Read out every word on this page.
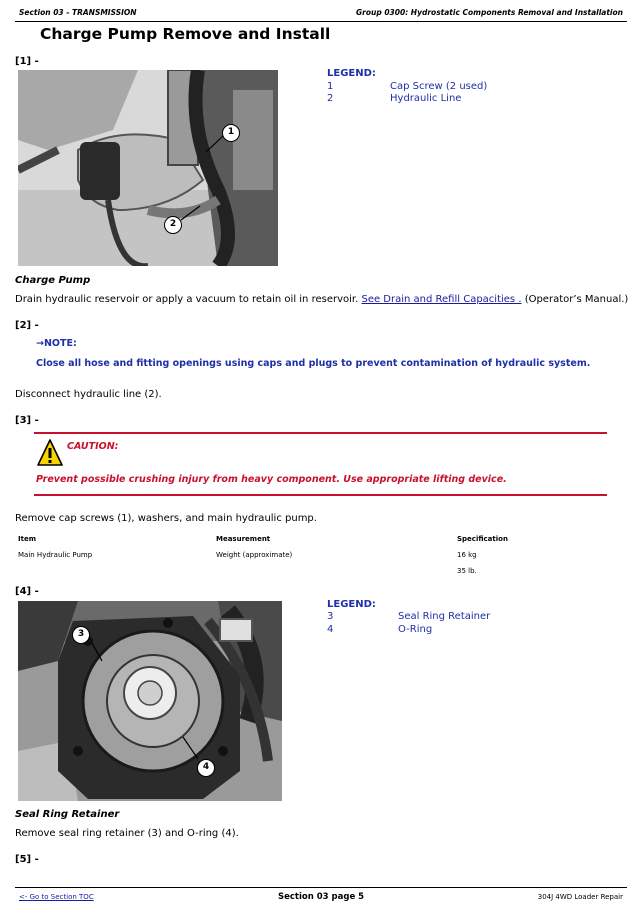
Section 03 - TRANSMISSION	Group 0300: Hydrostatic Components Removal and Installation
Charge Pump Remove and Install
[1] -
1
2
LEGEND:
1	Cap Screw (2 used)
2	Hydraulic Line
Charge Pump
Drain hydraulic reservoir or apply a vacuum to retain oil in reservoir. See Drain and Refill Capacities . (Operator’s Manual.)
[2] -
→NOTE:
Close all hose and fitting openings using caps and plugs to prevent contamination of hydraulic system.
Disconnect hydraulic line (2).
[3] -
CAUTION:
Prevent possible crushing injury from heavy component. Use appropriate lifting device.
Remove cap screws (1), washers, and main hydraulic pump.
Item	Measurement	Specification
Main Hydraulic Pump	Weight (approximate)	16 kg
35 lb.
[4] -
3
4
LEGEND:
3	Seal Ring Retainer
4	O-Ring
Seal Ring Retainer
Remove seal ring retainer (3) and O-ring (4).
[5] -
<- Go to Section TOC	Section 03 page 5	304J 4WD Loader Repair
